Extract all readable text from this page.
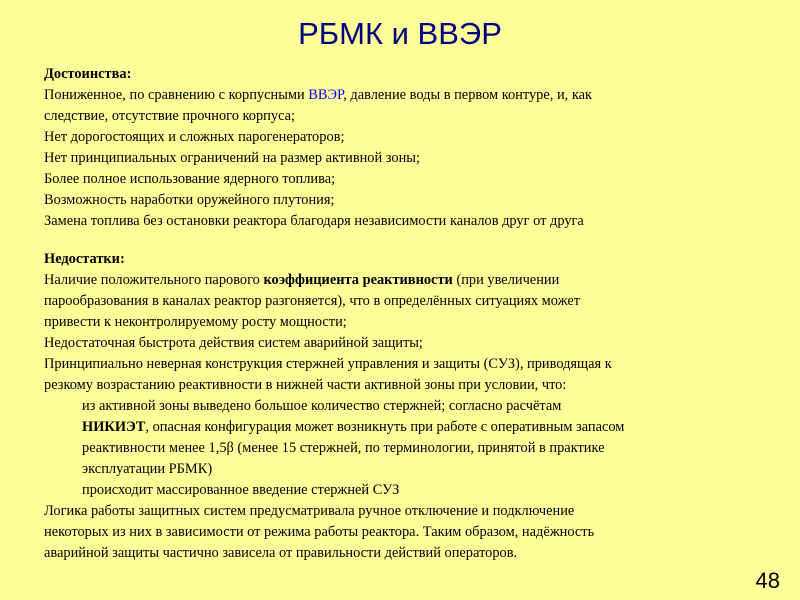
РБМК и ВВЭР
Достоинства:
Пониженное, по сравнению с корпусными ВВЭР, давление воды в первом контуре, и, как
следствие, отсутствие прочного корпуса;
Нет дорогостоящих и сложных парогенераторов;
Нет принципиальных ограничений на размер активной зоны;
Более полное использование ядерного топлива;
Возможность наработки оружейного плутония;
Замена топлива без остановки реактора благодаря независимости каналов друг от друга
Недостатки:
Наличие положительного парового коэффициента реактивности (при увеличении
парообразования в каналах реактор разгоняется), что в определённых ситуациях может
привести к неконтролируемому росту мощности;
Недостаточная быстрота действия систем аварийной защиты;
Принципиально неверная конструкция стержней управления и защиты (СУЗ), приводящая к
резкому возрастанию реактивности в нижней части активной зоны при условии, что:
из активной зоны выведено большое количество стержней; согласно расчётам
НИКИЭТ, опасная конфигурация может возникнуть при работе с оперативным запасом
реактивности менее 1,5β (менее 15 стержней, по терминологии, принятой в практике
эксплуатации РБМК)
происходит массированное введение стержней СУЗ
Логика работы защитных систем предусматривала ручное отключение и подключение
некоторых из них в зависимости от режима работы реактора. Таким образом, надёжность
аварийной защиты частично зависела от правильности действий операторов.
48
